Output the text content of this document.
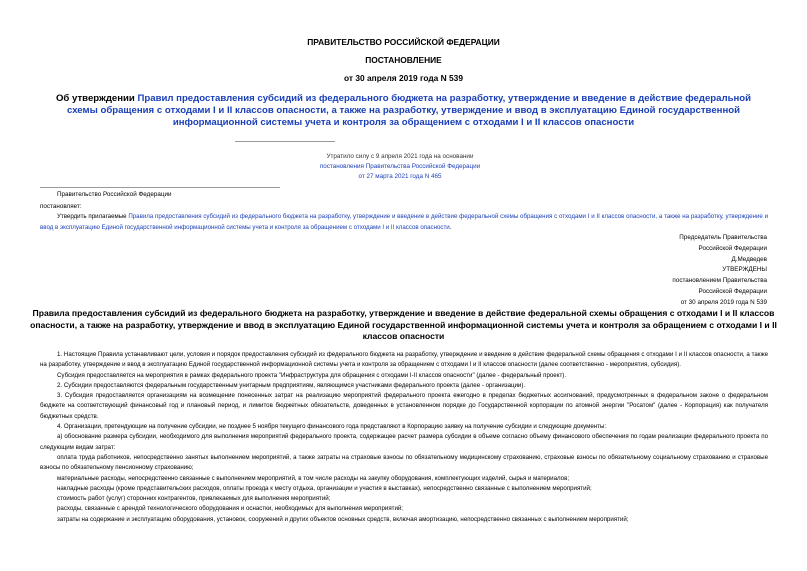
ПРАВИТЕЛЬСТВО РОССИЙСКОЙ ФЕДЕРАЦИИ
ПОСТАНОВЛЕНИЕ
от 30 апреля 2019 года N 539
Об утверждении Правил предоставления субсидий из федерального бюджета на разработку, утверждение и введение в действие федеральной схемы обращения с отходами I и II классов опасности, а также на разработку, утверждение и ввод в эксплуатацию Единой государственной информационной системы учета и контроля за обращением с отходами I и II классов опасности
Утратило силу с 9 апреля 2021 года на основании
постановления Правительства Российской Федерации
от 27 марта 2021 года N 465
Правительство Российской Федерации
постановляет:

Утвердить прилагаемые Правила предоставления субсидий из федерального бюджета на разработку, утверждение и введение в действие федеральной схемы обращения с отходами I и II классов опасности, а также на разработку, утверждение и ввод в эксплуатацию Единой государственной информационной системы учета и контроля за обращением с отходами I и II классов опасности.

Председатель Правительства
Российской Федерации
Д.Медведев
УТВЕРЖДЕНЫ
постановлением Правительства
Российской Федерации
от 30 апреля 2019 года N 539
Правила предоставления субсидий из федерального бюджета на разработку, утверждение и введение в действие федеральной схемы обращения с отходами I и II классов опасности, а также на разработку, утверждение и ввод в эксплуатацию Единой государственной информационной системы учета и контроля за обращением с отходами I и II классов опасности

1. Настоящие Правила устанавливают цели, условия и порядок предоставления субсидий из федерального бюджета на разработку, утверждение и введение в действие федеральной схемы обращения с отходами I и II классов опасности, а также на разработку, утверждение и ввод в эксплуатацию Единой государственной информационной системы учета и контроля за обращением с отходами I и II классов опасности (далее соответственно - мероприятия, субсидия).

Субсидия предоставляется на мероприятия в рамках федерального проекта "Инфраструктура для обращения с отходами I-II классов опасности" (далее - федеральный проект).

2. Субсидии предоставляются федеральным государственным унитарным предприятиям, являющимся участниками федерального проекта (далее - организации).

3. Субсидия предоставляется организациям на возмещение понесенных затрат на реализацию мероприятий федерального проекта ежегодно в пределах бюджетных ассигнований, предусмотренных в федеральном законе о федеральном бюджете на соответствующий финансовый год и плановый период, и лимитов бюджетных обязательств, доведенных в установленном порядке до Государственной корпорации по атомной энергии "Росатом" (далее - Корпорация) как получателя бюджетных средств.

4. Организации, претендующие на получение субсидии, не позднее 5 ноября текущего финансового года представляют в Корпорацию заявку на получение субсидии и следующие документы:

а) обоснование размера субсидии, необходимого для выполнения мероприятий федерального проекта, содержащее расчет размера субсидии в объеме согласно объему финансового обеспечения по годам реализации федерального проекта по следующим видам затрат:

оплата труда работников, непосредственно занятых выполнением мероприятий, а также затраты на страховые взносы по обязательному медицинскому страхованию, страховые взносы по обязательному социальному страхованию и страховые взносы по обязательному пенсионному страхованию;

материальные расходы, непосредственно связанные с выполнением мероприятий, в том числе расходы на закупку оборудования, комплектующих изделий, сырья и материалов;

накладные расходы (кроме представительских расходов, оплаты проезда к месту отдыха, организации и участия в выставках), непосредственно связанные с выполнением мероприятий;

стоимость работ (услуг) сторонних контрагентов, привлекаемых для выполнения мероприятий;

расходы, связанные с арендой технологического оборудования и оснастки, необходимых для выполнения мероприятий;

затраты на содержание и эксплуатацию оборудования, установок, сооружений и других объектов основных средств, включая амортизацию, непосредственно связанных с выполнением мероприятий;
